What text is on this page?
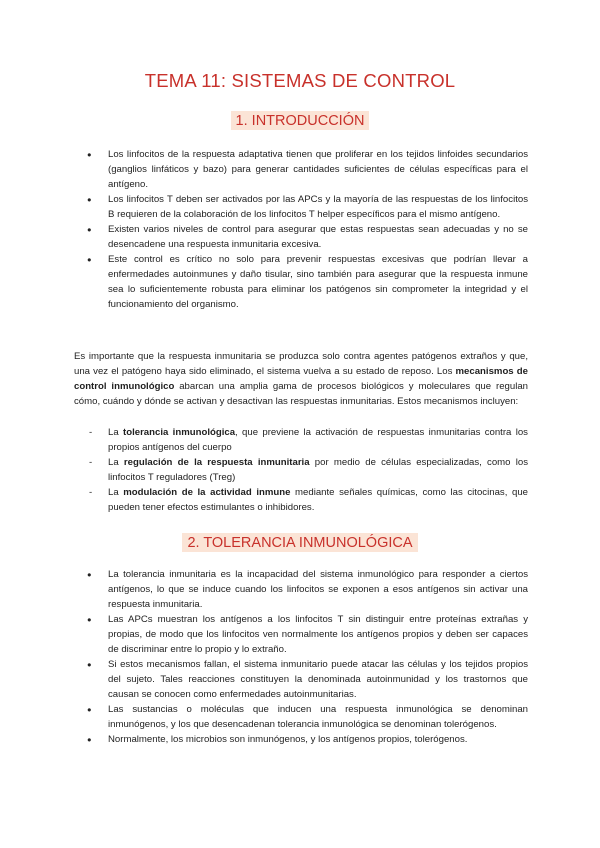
TEMA 11: SISTEMAS DE CONTROL
1. INTRODUCCIÓN
● Los linfocitos de la respuesta adaptativa tienen que proliferar en los tejidos linfoides secundarios (ganglios linfáticos y bazo) para generar cantidades suficientes de células específicas para el antígeno.
● Los linfocitos T deben ser activados por las APCs y la mayoría de las respuestas de los linfocitos B requieren de la colaboración de los linfocitos T helper específicos para el mismo antígeno.
● Existen varios niveles de control para asegurar que estas respuestas sean adecuadas y no se desencadene una respuesta inmunitaria excesiva.
● Este control es crítico no solo para prevenir respuestas excesivas que podrían llevar a enfermedades autoinmunes y daño tisular, sino también para asegurar que la respuesta inmune sea lo suficientemente robusta para eliminar los patógenos sin comprometer la integridad y el funcionamiento del organismo.

Es importante que la respuesta inmunitaria se produzca solo contra agentes patógenos extraños y que, una vez el patógeno haya sido eliminado, el sistema vuelva a su estado de reposo. Los mecanismos de control inmunológico abarcan una amplia gama de procesos biológicos y moleculares que regulan cómo, cuándo y dónde se activan y desactivan las respuestas inmunitarias. Estos mecanismos incluyen:

- La tolerancia inmunológica, que previene la activación de respuestas inmunitarias contra los propios antígenos del cuerpo
- La regulación de la respuesta inmunitaria por medio de células especializadas, como los linfocitos T reguladores (Treg)
- La modulación de la actividad inmune mediante señales químicas, como las citocinas, que pueden tener efectos estimulantes o inhibidores.
2. TOLERANCIA INMUNOLÓGICA
● La tolerancia inmunitaria es la incapacidad del sistema inmunológico para responder a ciertos antígenos, lo que se induce cuando los linfocitos se exponen a esos antígenos sin activar una respuesta inmunitaria.
● Las APCs muestran los antígenos a los linfocitos T sin distinguir entre proteínas extrañas y propias, de modo que los linfocitos ven normalmente los antígenos propios y deben ser capaces de discriminar entre lo propio y lo extraño.
● Si estos mecanismos fallan, el sistema inmunitario puede atacar las células y los tejidos propios del sujeto. Tales reacciones constituyen la denominada autoinmunidad y los trastornos que causan se conocen como enfermedades autoinmunitarias.
● Las sustancias o moléculas que inducen una respuesta inmunológica se denominan inmunógenos, y los que desencadenan tolerancia inmunológica se denominan tolerógenos.
● Normalmente, los microbios son inmunógenos, y los antígenos propios, tolerógenos.
